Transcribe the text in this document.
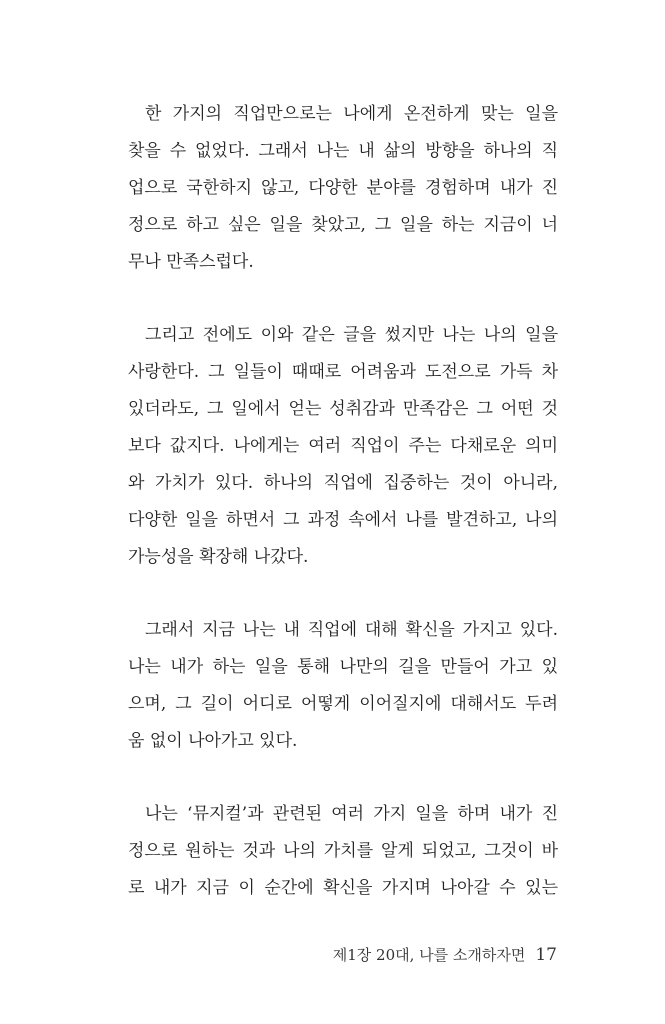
한 가지의 직업만으로는 나에게 온전하게 맞는 일을
찾을 수 없었다. 그래서 나는 내 삶의 방향을 하나의 직
업으로 국한하지 않고, 다양한 분야를 경험하며 내가 진
정으로 하고 싶은 일을 찾았고, 그 일을 하는 지금이 너
무나 만족스럽다.
그리고 전에도 이와 같은 글을 썼지만 나는 나의 일을
사랑한다. 그 일들이 때때로 어려움과 도전으로 가득 차
있더라도, 그 일에서 얻는 성취감과 만족감은 그 어떤 것
보다 값지다. 나에게는 여러 직업이 주는 다채로운 의미
와 가치가 있다. 하나의 직업에 집중하는 것이 아니라,
다양한 일을 하면서 그 과정 속에서 나를 발견하고, 나의
가능성을 확장해 나갔다.
그래서 지금 나는 내 직업에 대해 확신을 가지고 있다.
나는 내가 하는 일을 통해 나만의 길을 만들어 가고 있
으며, 그 길이 어디로 어떻게 이어질지에 대해서도 두려
움 없이 나아가고 있다.
나는 ‘뮤지컬’과 관련된 여러 가지 일을 하며 내가 진
정으로 원하는 것과 나의 가치를 알게 되었고, 그것이 바
로 내가 지금 이 순간에 확신을 가지며 나아갈 수 있는
제1장 20대, 나를 소개하자면 17
